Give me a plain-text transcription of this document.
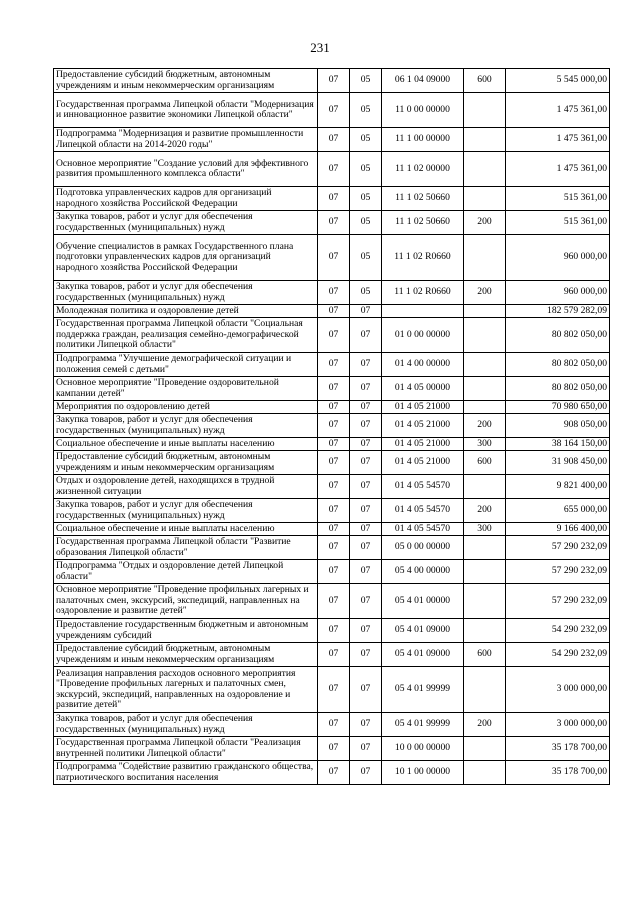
231
Предоставление субсидий бюджетным, автономным учреждениям и иным некоммерческим организациям	07	05	06 1 04 09000	600	5 545 000,00
Государственная программа Липецкой области "Модернизация и инновационное развитие экономики Липецкой области"	07	05	11 0 00 00000		1 475 361,00
Подпрограмма "Модернизация и развитие промышленности Липецкой области на 2014-2020 годы"	07	05	11 1 00 00000		1 475 361,00
Основное мероприятие "Создание условий для эффективного развития промышленного комплекса области"	07	05	11 1 02 00000		1 475 361,00
Подготовка управленческих кадров для организаций народного хозяйства Российской Федерации	07	05	11 1 02 50660		515 361,00
Закупка товаров, работ и услуг для обеспечения государственных (муниципальных) нужд	07	05	11 1 02 50660	200	515 361,00
Обучение специалистов в рамках Государственного плана подготовки управленческих кадров для организаций народного хозяйства Российской Федерации	07	05	11 1 02 R0660		960 000,00
Закупка товаров, работ и услуг для обеспечения государственных (муниципальных) нужд	07	05	11 1 02 R0660	200	960 000,00
Молодежная политика и оздоровление детей	07	07			182 579 282,09
Государственная программа Липецкой области "Социальная поддержка граждан, реализация семейно-демографической политики Липецкой области"	07	07	01 0 00 00000		80 802 050,00
Подпрограмма "Улучшение демографической ситуации и положения семей с детьми"	07	07	01 4 00 00000		80 802 050,00
Основное мероприятие "Проведение оздоровительной кампании детей"	07	07	01 4 05 00000		80 802 050,00
Мероприятия по оздоровлению детей	07	07	01 4 05 21000		70 980 650,00
Закупка товаров, работ и услуг для обеспечения государственных (муниципальных) нужд	07	07	01 4 05 21000	200	908 050,00
Социальное обеспечение и иные выплаты населению	07	07	01 4 05 21000	300	38 164 150,00
Предоставление субсидий бюджетным, автономным учреждениям и иным некоммерческим организациям	07	07	01 4 05 21000	600	31 908 450,00
Отдых и оздоровление детей, находящихся в трудной жизненной ситуации	07	07	01 4 05 54570		9 821 400,00
Закупка товаров, работ и услуг для обеспечения государственных (муниципальных) нужд	07	07	01 4 05 54570	200	655 000,00
Социальное обеспечение и иные выплаты населению	07	07	01 4 05 54570	300	9 166 400,00
Государственная программа Липецкой области "Развитие образования Липецкой области"	07	07	05 0 00 00000		57 290 232,09
Подпрограмма "Отдых и оздоровление детей Липецкой области"	07	07	05 4 00 00000		57 290 232,09
Основное мероприятие "Проведение профильных лагерных и палаточных смен, экскурсий, экспедиций, направленных на оздоровление и развитие детей"	07	07	05 4 01 00000		57 290 232,09
Предоставление государственным бюджетным и автономным учреждениям субсидий	07	07	05 4 01 09000		54 290 232,09
Предоставление субсидий бюджетным, автономным учреждениям и иным некоммерческим организациям	07	07	05 4 01 09000	600	54 290 232,09
Реализация направления расходов основного мероприятия "Проведение профильных лагерных и палаточных смен, экскурсий, экспедиций, направленных на оздоровление и развитие детей"	07	07	05 4 01 99999		3 000 000,00
Закупка товаров, работ и услуг для обеспечения государственных (муниципальных) нужд	07	07	05 4 01 99999	200	3 000 000,00
Государственная программа Липецкой области "Реализация внутренней политики Липецкой области"	07	07	10 0 00 00000		35 178 700,00
Подпрограмма "Содействие развитию гражданского общества, патриотического воспитания населения	07	07	10 1 00 00000		35 178 700,00
